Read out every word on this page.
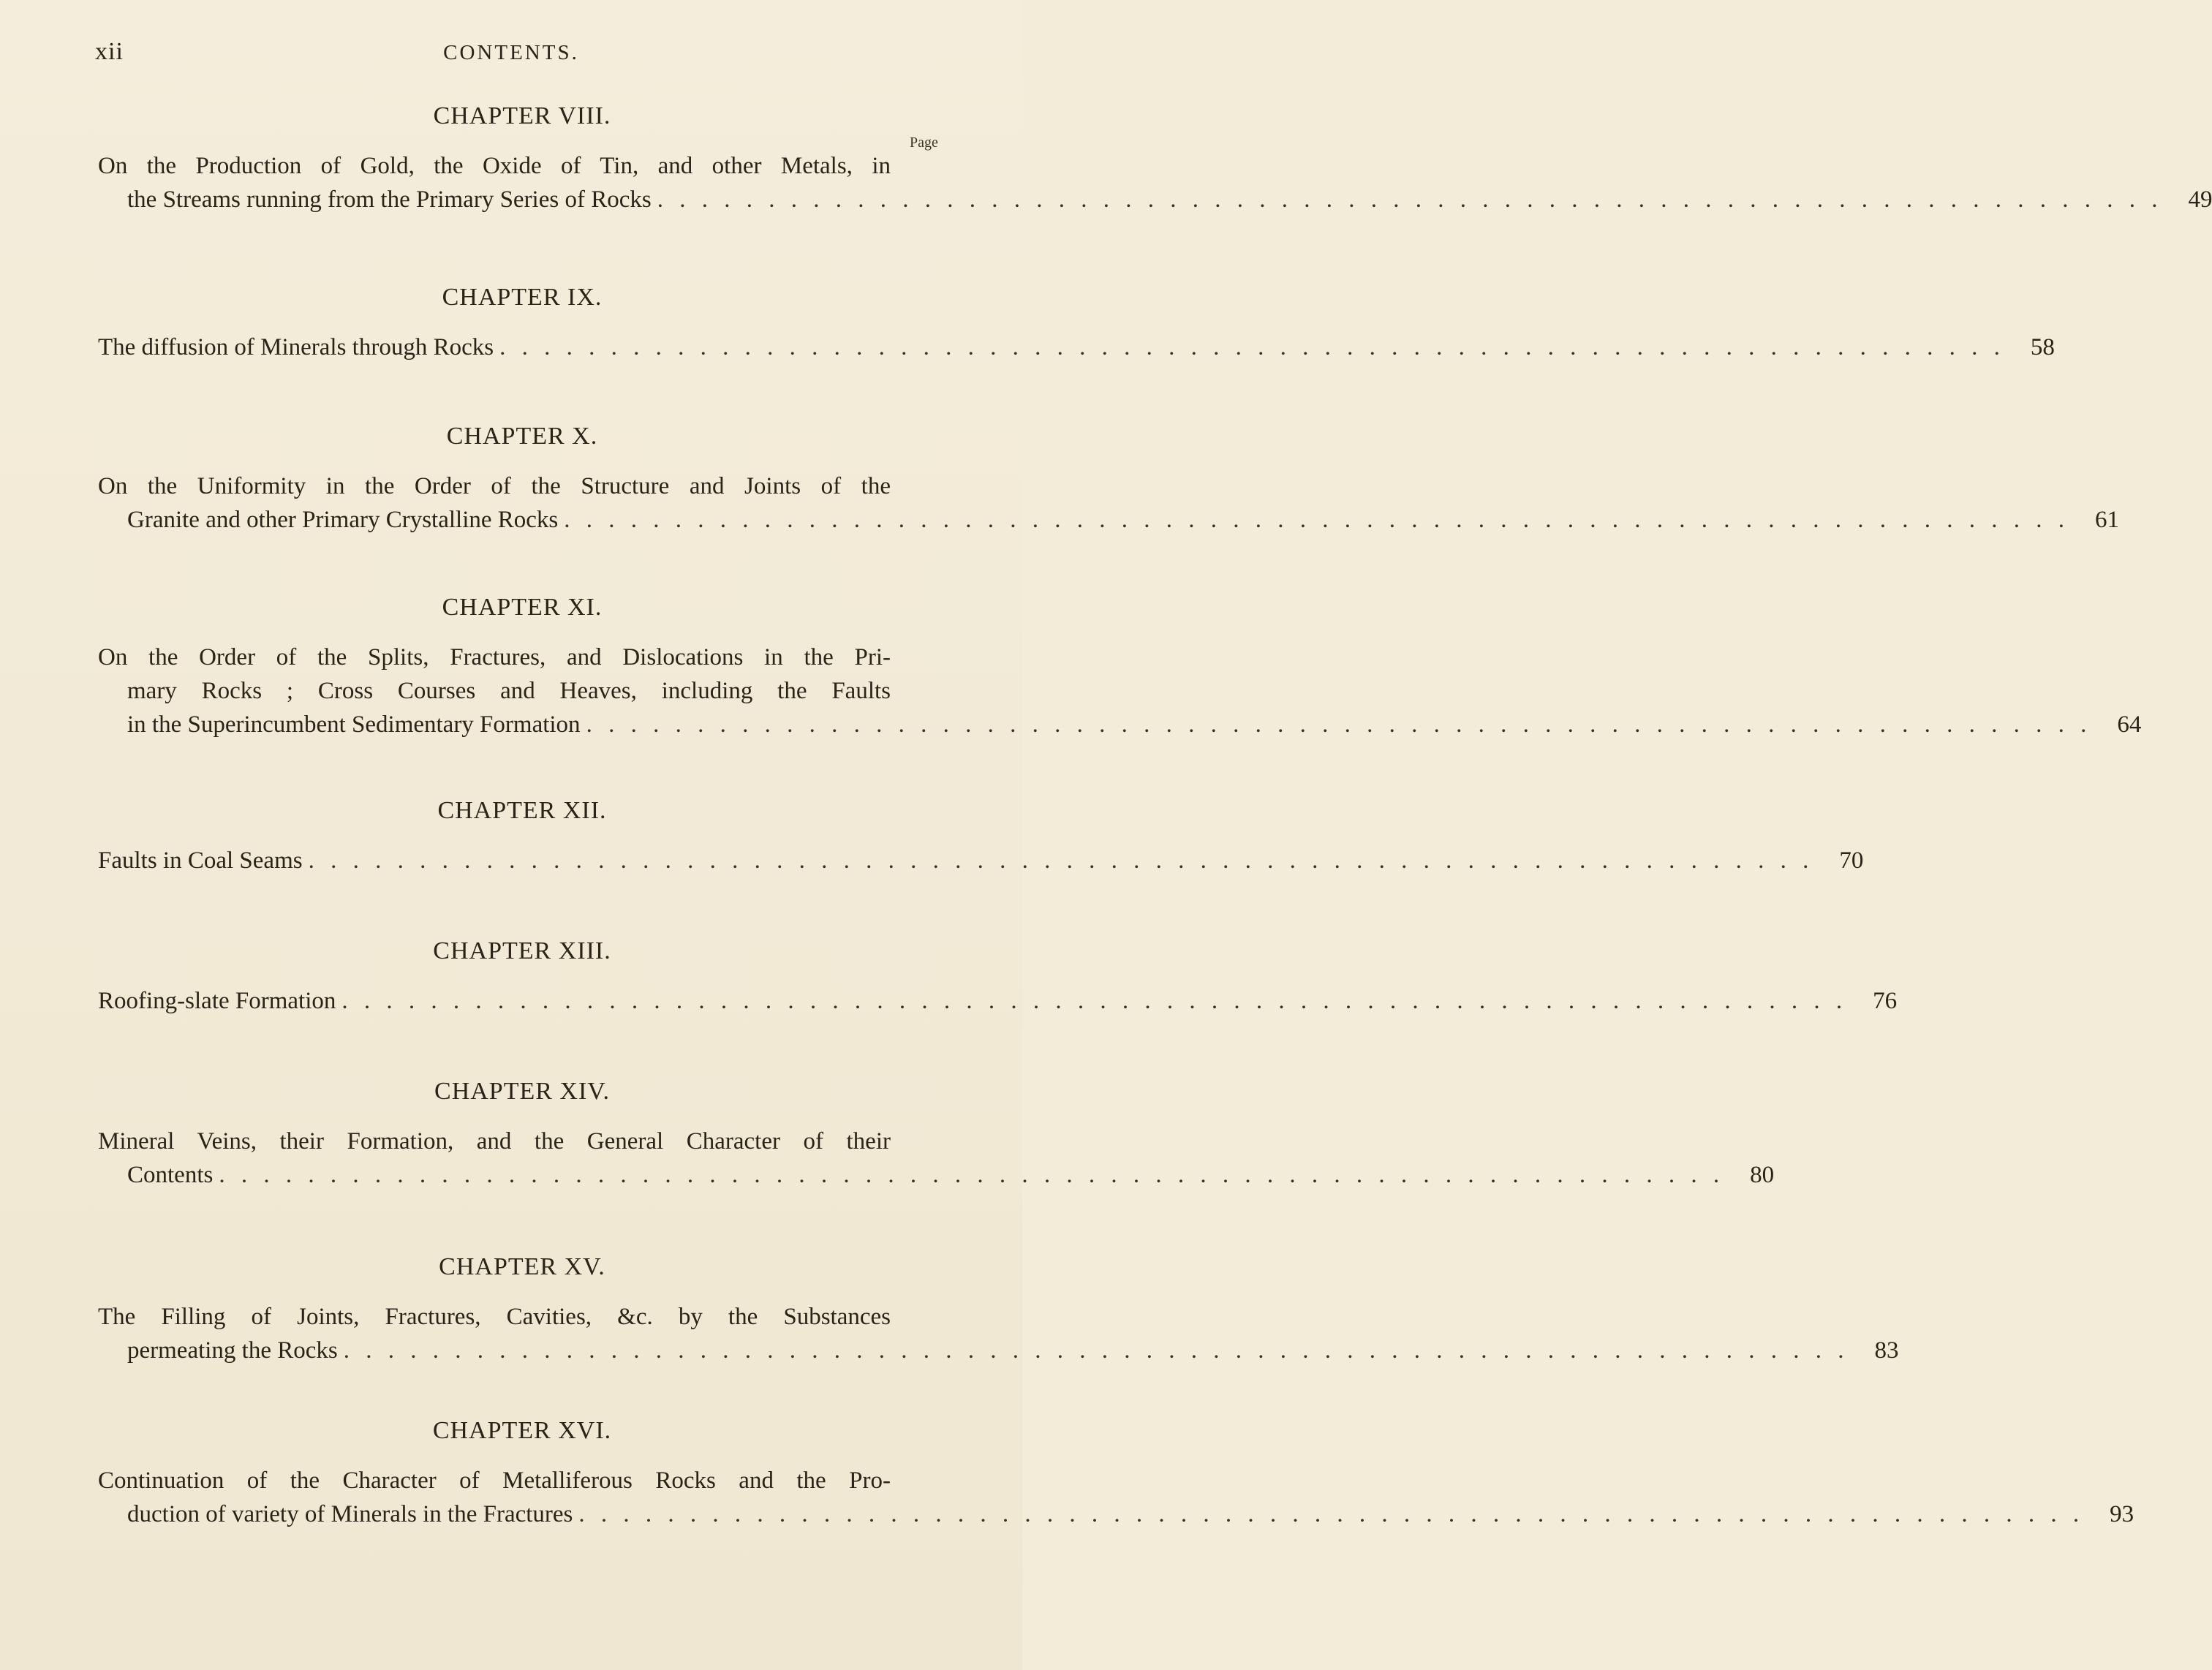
xii	CONTENTS.
Page
CHAPTER VIII.
On the Production of Gold, the Oxide of Tin, and other Metals, in
the Streams running from the Primary Series of Rocks . . . . . . . . . . . . . . . . . . . . . . . . . . . . . . . . . . . . . . . . . . . . . . . . . . . . . . . . . . . . . . . . . . . .	49
CHAPTER IX.
The diffusion of Minerals through Rocks . . . . . . . . . . . . . . . . . . . . . . . . . . . . . . . . . . . . . . . . . . . . . . . . . . . . . . . . . . . . . . . . . . . .	58
CHAPTER X.
On the Uniformity in the Order of the Structure and Joints of the
Granite and other Primary Crystalline Rocks . . . . . . . . . . . . . . . . . . . . . . . . . . . . . . . . . . . . . . . . . . . . . . . . . . . . . . . . . . . . . . . . . . . .	61
CHAPTER XI.
On the Order of the Splits, Fractures, and Dislocations in the Pri-
mary Rocks ; Cross Courses and Heaves, including the Faults
in the Superincumbent Sedimentary Formation . . . . . . . . . . . . . . . . . . . . . . . . . . . . . . . . . . . . . . . . . . . . . . . . . . . . . . . . . . . . . . . . . . . .	64
CHAPTER XII.
Faults in Coal Seams . . . . . . . . . . . . . . . . . . . . . . . . . . . . . . . . . . . . . . . . . . . . . . . . . . . . . . . . . . . . . . . . . . . .	70
CHAPTER XIII.
Roofing-slate Formation . . . . . . . . . . . . . . . . . . . . . . . . . . . . . . . . . . . . . . . . . . . . . . . . . . . . . . . . . . . . . . . . . . . .	76
CHAPTER XIV.
Mineral Veins, their Formation, and the General Character of their
Contents . . . . . . . . . . . . . . . . . . . . . . . . . . . . . . . . . . . . . . . . . . . . . . . . . . . . . . . . . . . . . . . . . . . .	80
CHAPTER XV.
The Filling of Joints, Fractures, Cavities, &c. by the Substances
permeating the Rocks . . . . . . . . . . . . . . . . . . . . . . . . . . . . . . . . . . . . . . . . . . . . . . . . . . . . . . . . . . . . . . . . . . . .	83
CHAPTER XVI.
Continuation of the Character of Metalliferous Rocks and the Pro-
duction of variety of Minerals in the Fractures . . . . . . . . . . . . . . . . . . . . . . . . . . . . . . . . . . . . . . . . . . . . . . . . . . . . . . . . . . . . . . . . . . . .	93
